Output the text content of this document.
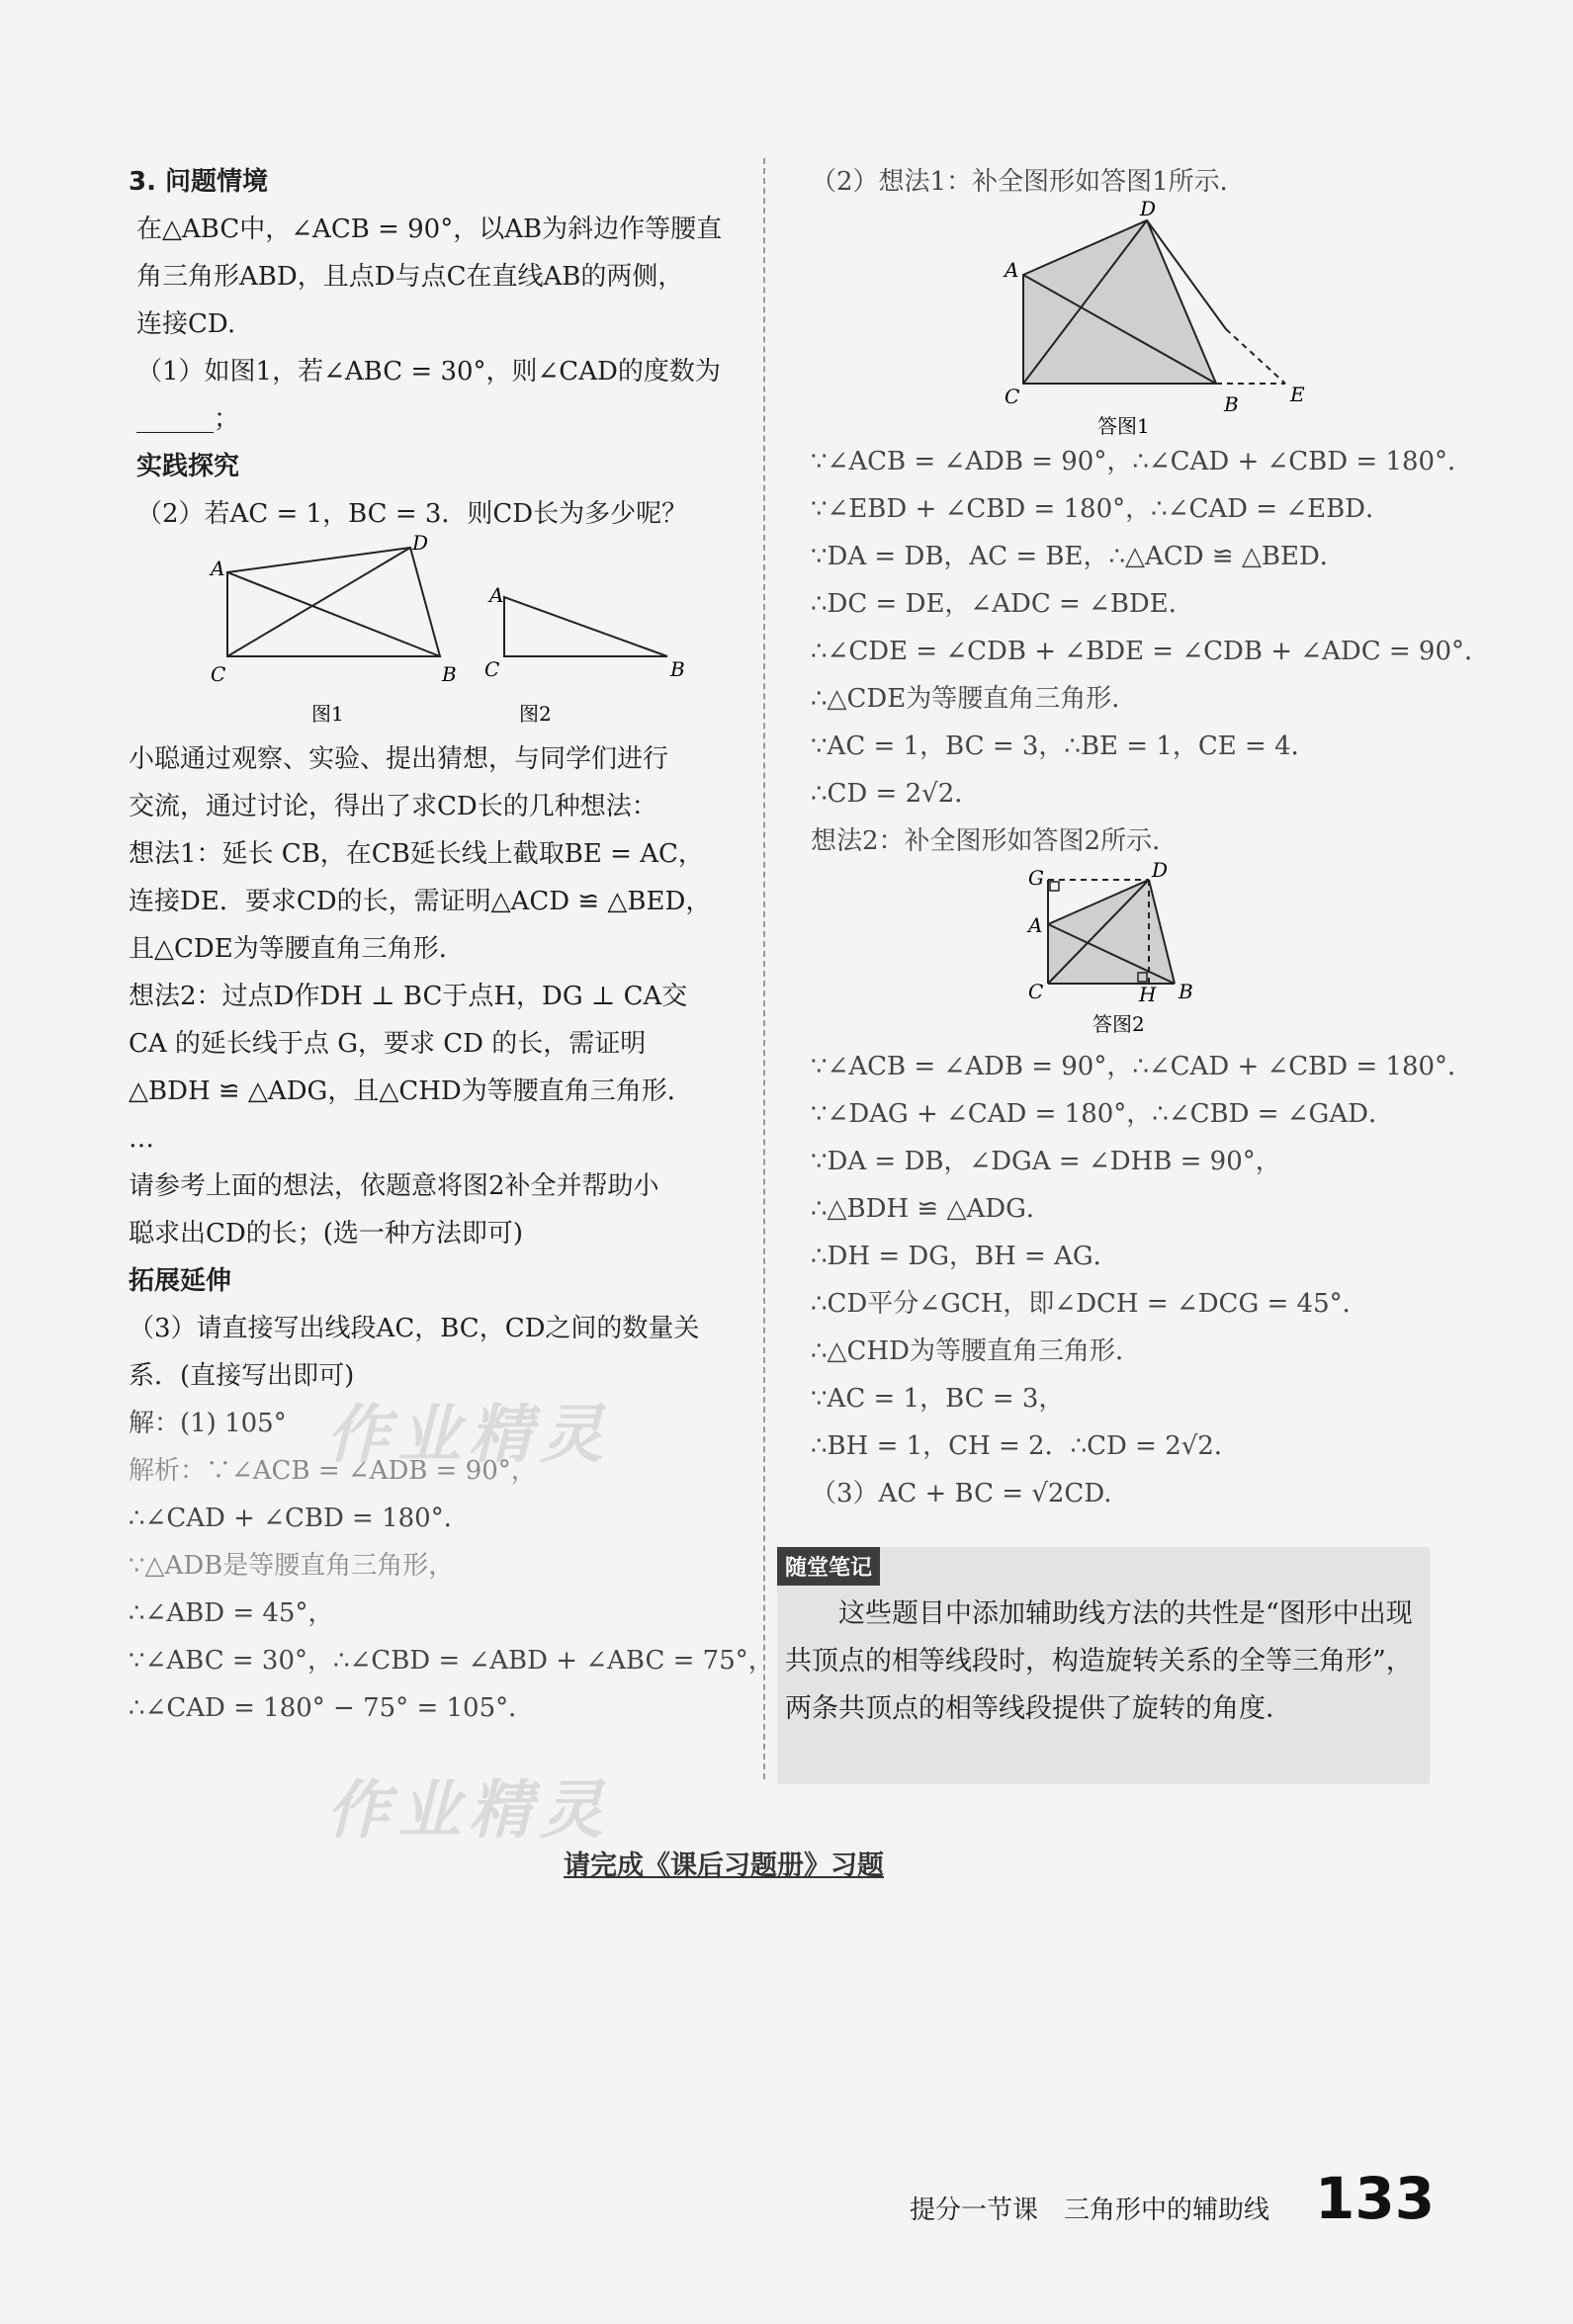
3. 问题情境

在△ABC中，∠ACB = 90°，以AB为斜边作等腰直

角三角形ABD，且点D与点C在直线AB的两侧，

连接CD.

（1）如图1，若∠ABC = 30°，则∠CAD的度数为

______；

实践探究

（2）若AC = 1，BC = 3．则CD长为多少呢？

A
D
C	B
图1
A
C	B
图2

小聪通过观察、实验、提出猜想，与同学们进行

交流，通过讨论，得出了求CD长的几种想法：

想法1：延长 CB，在CB延长线上截取BE = AC，

连接DE．要求CD的长，需证明△ACD ≌ △BED，

且△CDE为等腰直角三角形．

想法2：过点D作DH ⊥ BC于点H，DG ⊥ CA交

CA 的延长线于点 G，要求 CD 的长，需证明

△BDH ≌ △ADG，且△CHD为等腰直角三角形．

…

请参考上面的想法，依题意将图2补全并帮助小

聪求出CD的长；(选一种方法即可)

拓展延伸

（3）请直接写出线段AC，BC，CD之间的数量关

系．(直接写出即可)

解：(1) 105°

解析：∵∠ACB = ∠ADB = 90°，

∴∠CAD + ∠CBD = 180°．

∵△ADB是等腰直角三角形，

∴∠ABD = 45°，

∵∠ABC = 30°，∴∠CBD = ∠ABD + ∠ABC = 75°，

∴∠CAD = 180° − 75° = 105°．

（2）想法1：补全图形如答图1所示．

D
A
C	B	E
答图1

∵∠ACB = ∠ADB = 90°，∴∠CAD + ∠CBD = 180°．

∵∠EBD + ∠CBD = 180°，∴∠CAD = ∠EBD．

∵DA = DB，AC = BE，∴△ACD ≌ △BED．

∴DC = DE，∠ADC = ∠BDE．

∴∠CDE = ∠CDB + ∠BDE = ∠CDB + ∠ADC = 90°．

∴△CDE为等腰直角三角形．

∵AC = 1，BC = 3，∴BE = 1，CE = 4．

∴CD = 2√2．

想法2：补全图形如答图2所示．

G	D
A
C	H B
答图2

∵∠ACB = ∠ADB = 90°，∴∠CAD + ∠CBD = 180°．

∵∠DAG + ∠CAD = 180°，∴∠CBD = ∠GAD．

∵DA = DB，∠DGA = ∠DHB = 90°，

∴△BDH ≌ △ADG．

∴DH = DG，BH = AG．

∴CD平分∠GCH，即∠DCH = ∠DCG = 45°．

∴△CHD为等腰直角三角形．

∵AC = 1，BC = 3，

∴BH = 1，CH = 2．∴CD = 2√2．

（3）AC + BC = √2CD.

随堂笔记
　　这些题目中添加辅助线方法的共性是“图形中出现共顶点的相等线段时，构造旋转关系的全等三角形”，两条共顶点的相等线段提供了旋转的角度．
请完成《课后习题册》习题
提分一节课　三角形中的辅助线 133
作业精灵
作业精灵
